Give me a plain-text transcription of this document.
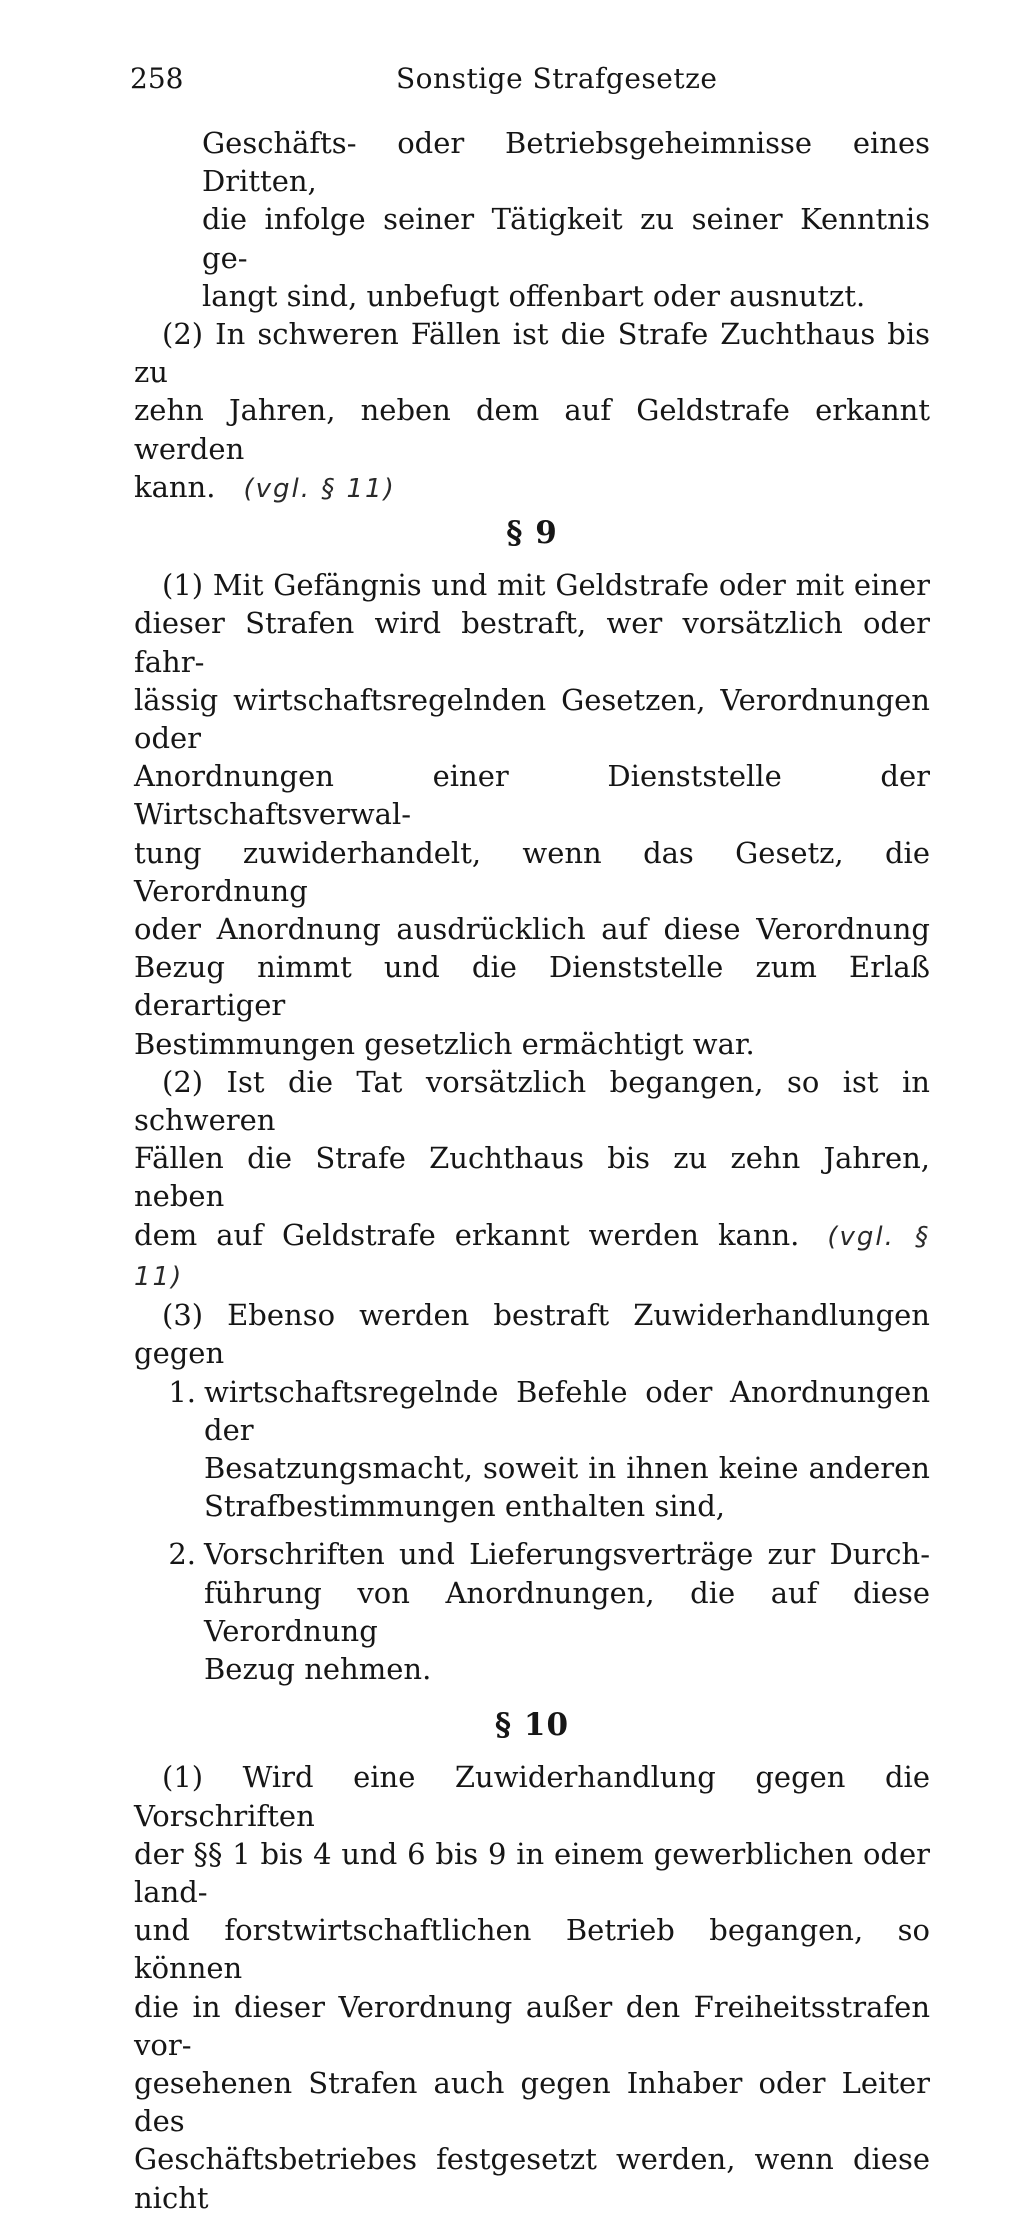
258	Sonstige Strafgesetze
Geschäfts- oder Betriebsgeheimnisse eines Dritten,
die infolge seiner Tätigkeit zu seiner Kenntnis ge-
langt sind, unbefugt offenbart oder ausnutzt.
(2) In schweren Fällen ist die Strafe Zuchthaus bis zu
zehn Jahren, neben dem auf Geldstrafe erkannt werden
kann. (vgl. § 11)
§ 9
(1) Mit Gefängnis und mit Geldstrafe oder mit einer
dieser Strafen wird bestraft, wer vorsätzlich oder fahr-
lässig wirtschaftsregelnden Gesetzen, Verordnungen oder
Anordnungen einer Dienststelle der Wirtschaftsverwal-
tung zuwiderhandelt, wenn das Gesetz, die Verordnung
oder Anordnung ausdrücklich auf diese Verordnung
Bezug nimmt und die Dienststelle zum Erlaß derartiger
Bestimmungen gesetzlich ermächtigt war.
(2) Ist die Tat vorsätzlich begangen, so ist in schweren
Fällen die Strafe Zuchthaus bis zu zehn Jahren, neben
dem auf Geldstrafe erkannt werden kann. (vgl. § 11)
(3) Ebenso werden bestraft Zuwiderhandlungen gegen
1. wirtschaftsregelnde Befehle oder Anordnungen der
Besatzungsmacht, soweit in ihnen keine anderen
Strafbestimmungen enthalten sind,
2. Vorschriften und Lieferungsverträge zur Durch-
führung von Anordnungen, die auf diese Verordnung
Bezug nehmen.
§ 10
(1) Wird eine Zuwiderhandlung gegen die Vorschriften
der §§ 1 bis 4 und 6 bis 9 in einem gewerblichen oder land-
und forstwirtschaftlichen Betrieb begangen, so können
die in dieser Verordnung außer den Freiheitsstrafen vor-
gesehenen Strafen auch gegen Inhaber oder Leiter des
Geschäftsbetriebes festgesetzt werden, wenn diese nicht
